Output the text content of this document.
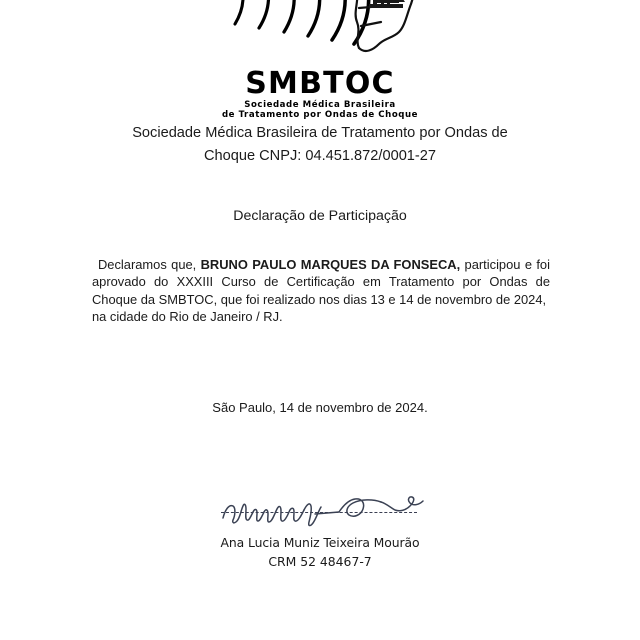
SMBTOC
Sociedade Médica Brasileira
de Tratamento por Ondas de Choque
Sociedade Médica Brasileira de Tratamento por Ondas de
Choque CNPJ: 04.451.872/0001-27
Declaração de Participação
Declaramos que, BRUNO PAULO MARQUES DA FONSECA, participou e foi aprovado do XXXIII Curso de Certificação em Tratamento por Ondas de Choque da SMBTOC, que foi realizado nos dias 13 e 14 de novembro de 2024,
na cidade do Rio de Janeiro / RJ.
São Paulo, 14 de novembro de 2024.
Ana Lucia Muniz Teixeira Mourão
CRM 52 48467-7
